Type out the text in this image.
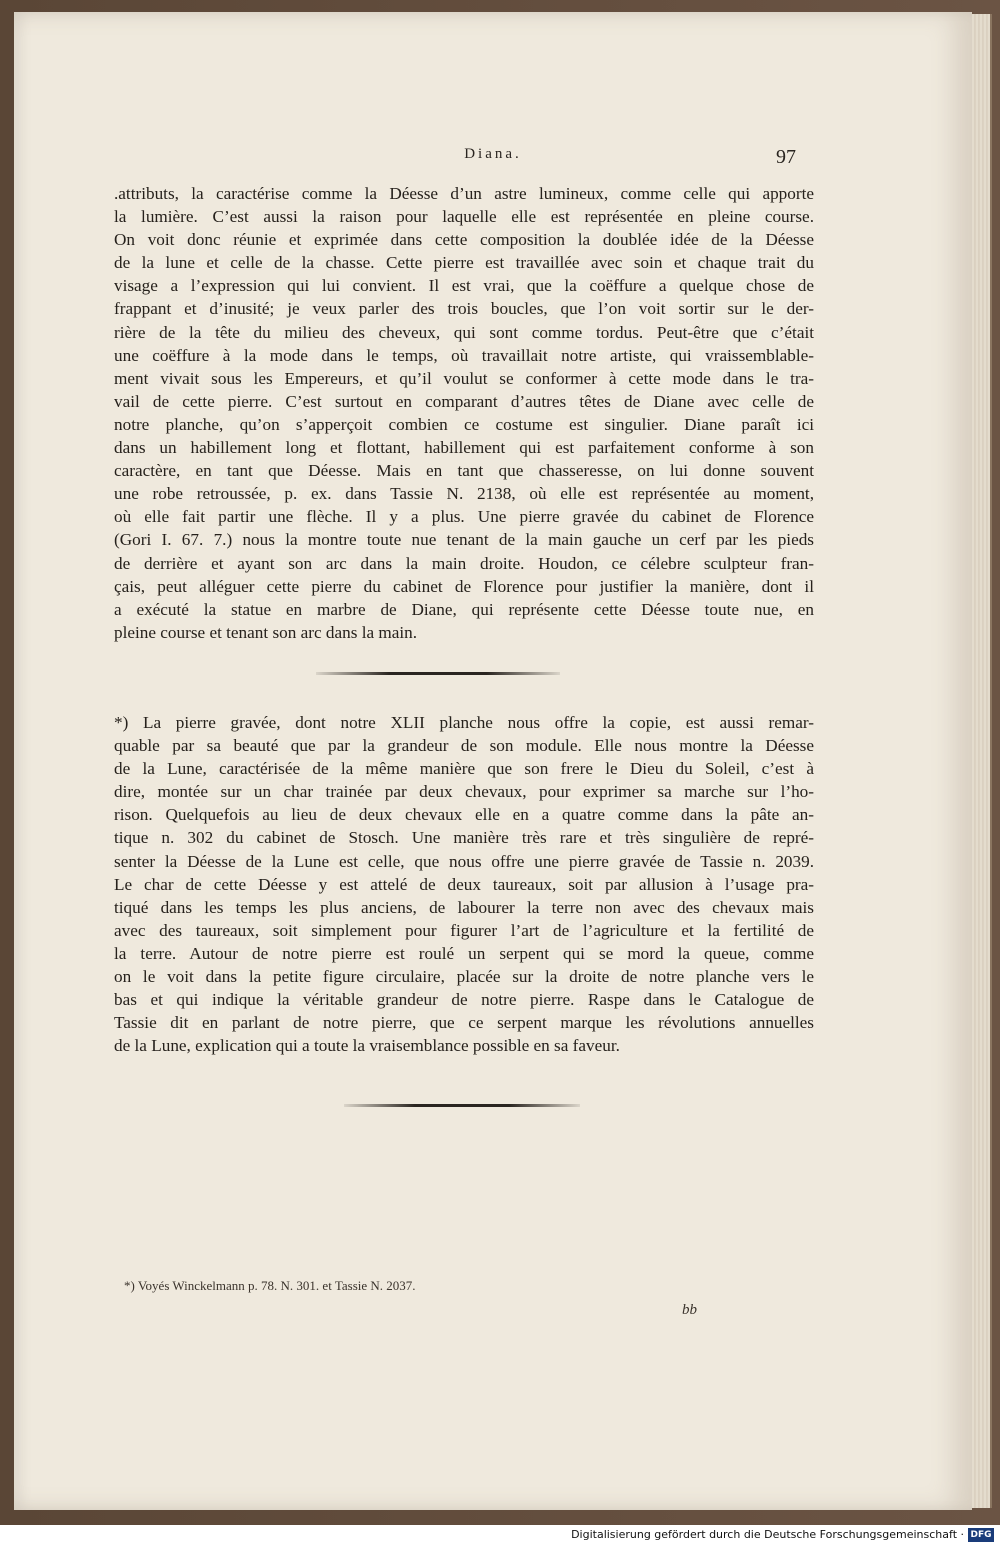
Diana.	97
.attributs, la caractérise comme la Déesse d’un astre lumineux, comme celle qui apporte
la lumière. C’est aussi la raison pour laquelle elle est représentée en pleine course.
On voit donc réunie et exprimée dans cette composition la doublée idée de la Déesse
de la lune et celle de la chasse. Cette pierre est travaillée avec soin et chaque trait du
visage a l’expression qui lui convient. Il est vrai, que la coëffure a quelque chose de
frappant et d’inusité; je veux parler des trois boucles, que l’on voit sortir sur le der-
rière de la tête du milieu des cheveux, qui sont comme tordus. Peut-être que c’était
une coëffure à la mode dans le temps, où travaillait notre artiste, qui vraissemblable-
ment vivait sous les Empereurs, et qu’il voulut se conformer à cette mode dans le tra-
vail de cette pierre. C’est surtout en comparant d’autres têtes de Diane avec celle de
notre planche, qu’on s’apperçoit combien ce costume est singulier. Diane paraît ici
dans un habillement long et flottant, habillement qui est parfaitement conforme à son
caractère, en tant que Déesse. Mais en tant que chasseresse, on lui donne souvent
une robe retroussée, p. ex. dans Tassie N. 2138, où elle est représentée au moment,
où elle fait partir une flèche. Il y a plus. Une pierre gravée du cabinet de Florence
(Gori I. 67. 7.) nous la montre toute nue tenant de la main gauche un cerf par les pieds
de derrière et ayant son arc dans la main droite. Houdon, ce célebre sculpteur fran-
çais, peut alléguer cette pierre du cabinet de Florence pour justifier la manière, dont il
a exécuté la statue en marbre de Diane, qui représente cette Déesse toute nue, en
pleine course et tenant son arc dans la main.
*) La pierre gravée, dont notre XLII planche nous offre la copie, est aussi remar-
quable par sa beauté que par la grandeur de son module. Elle nous montre la Déesse
de la Lune, caractérisée de la même manière que son frere le Dieu du Soleil, c’est à
dire, montée sur un char trainée par deux chevaux, pour exprimer sa marche sur l’ho-
rison. Quelquefois au lieu de deux chevaux elle en a quatre comme dans la pâte an-
tique n. 302 du cabinet de Stosch. Une manière très rare et très singulière de repré-
senter la Déesse de la Lune est celle, que nous offre une pierre gravée de Tassie n. 2039.
Le char de cette Déesse y est attelé de deux taureaux, soit par allusion à l’usage pra-
tiqué dans les temps les plus anciens, de labourer la terre non avec des chevaux mais
avec des taureaux, soit simplement pour figurer l’art de l’agriculture et la fertilité de
la terre. Autour de notre pierre est roulé un serpent qui se mord la queue, comme
on le voit dans la petite figure circulaire, placée sur la droite de notre planche vers le
bas et qui indique la véritable grandeur de notre pierre. Raspe dans le Catalogue de
Tassie dit en parlant de notre pierre, que ce serpent marque les révolutions annuelles
de la Lune, explication qui a toute la vraisemblance possible en sa faveur.
*) Voyés Winckelmann p. 78. N. 301. et Tassie N. 2037.
bb
Digitalisierung gefördert durch die Deutsche Forschungsgemeinschaft · DFG
